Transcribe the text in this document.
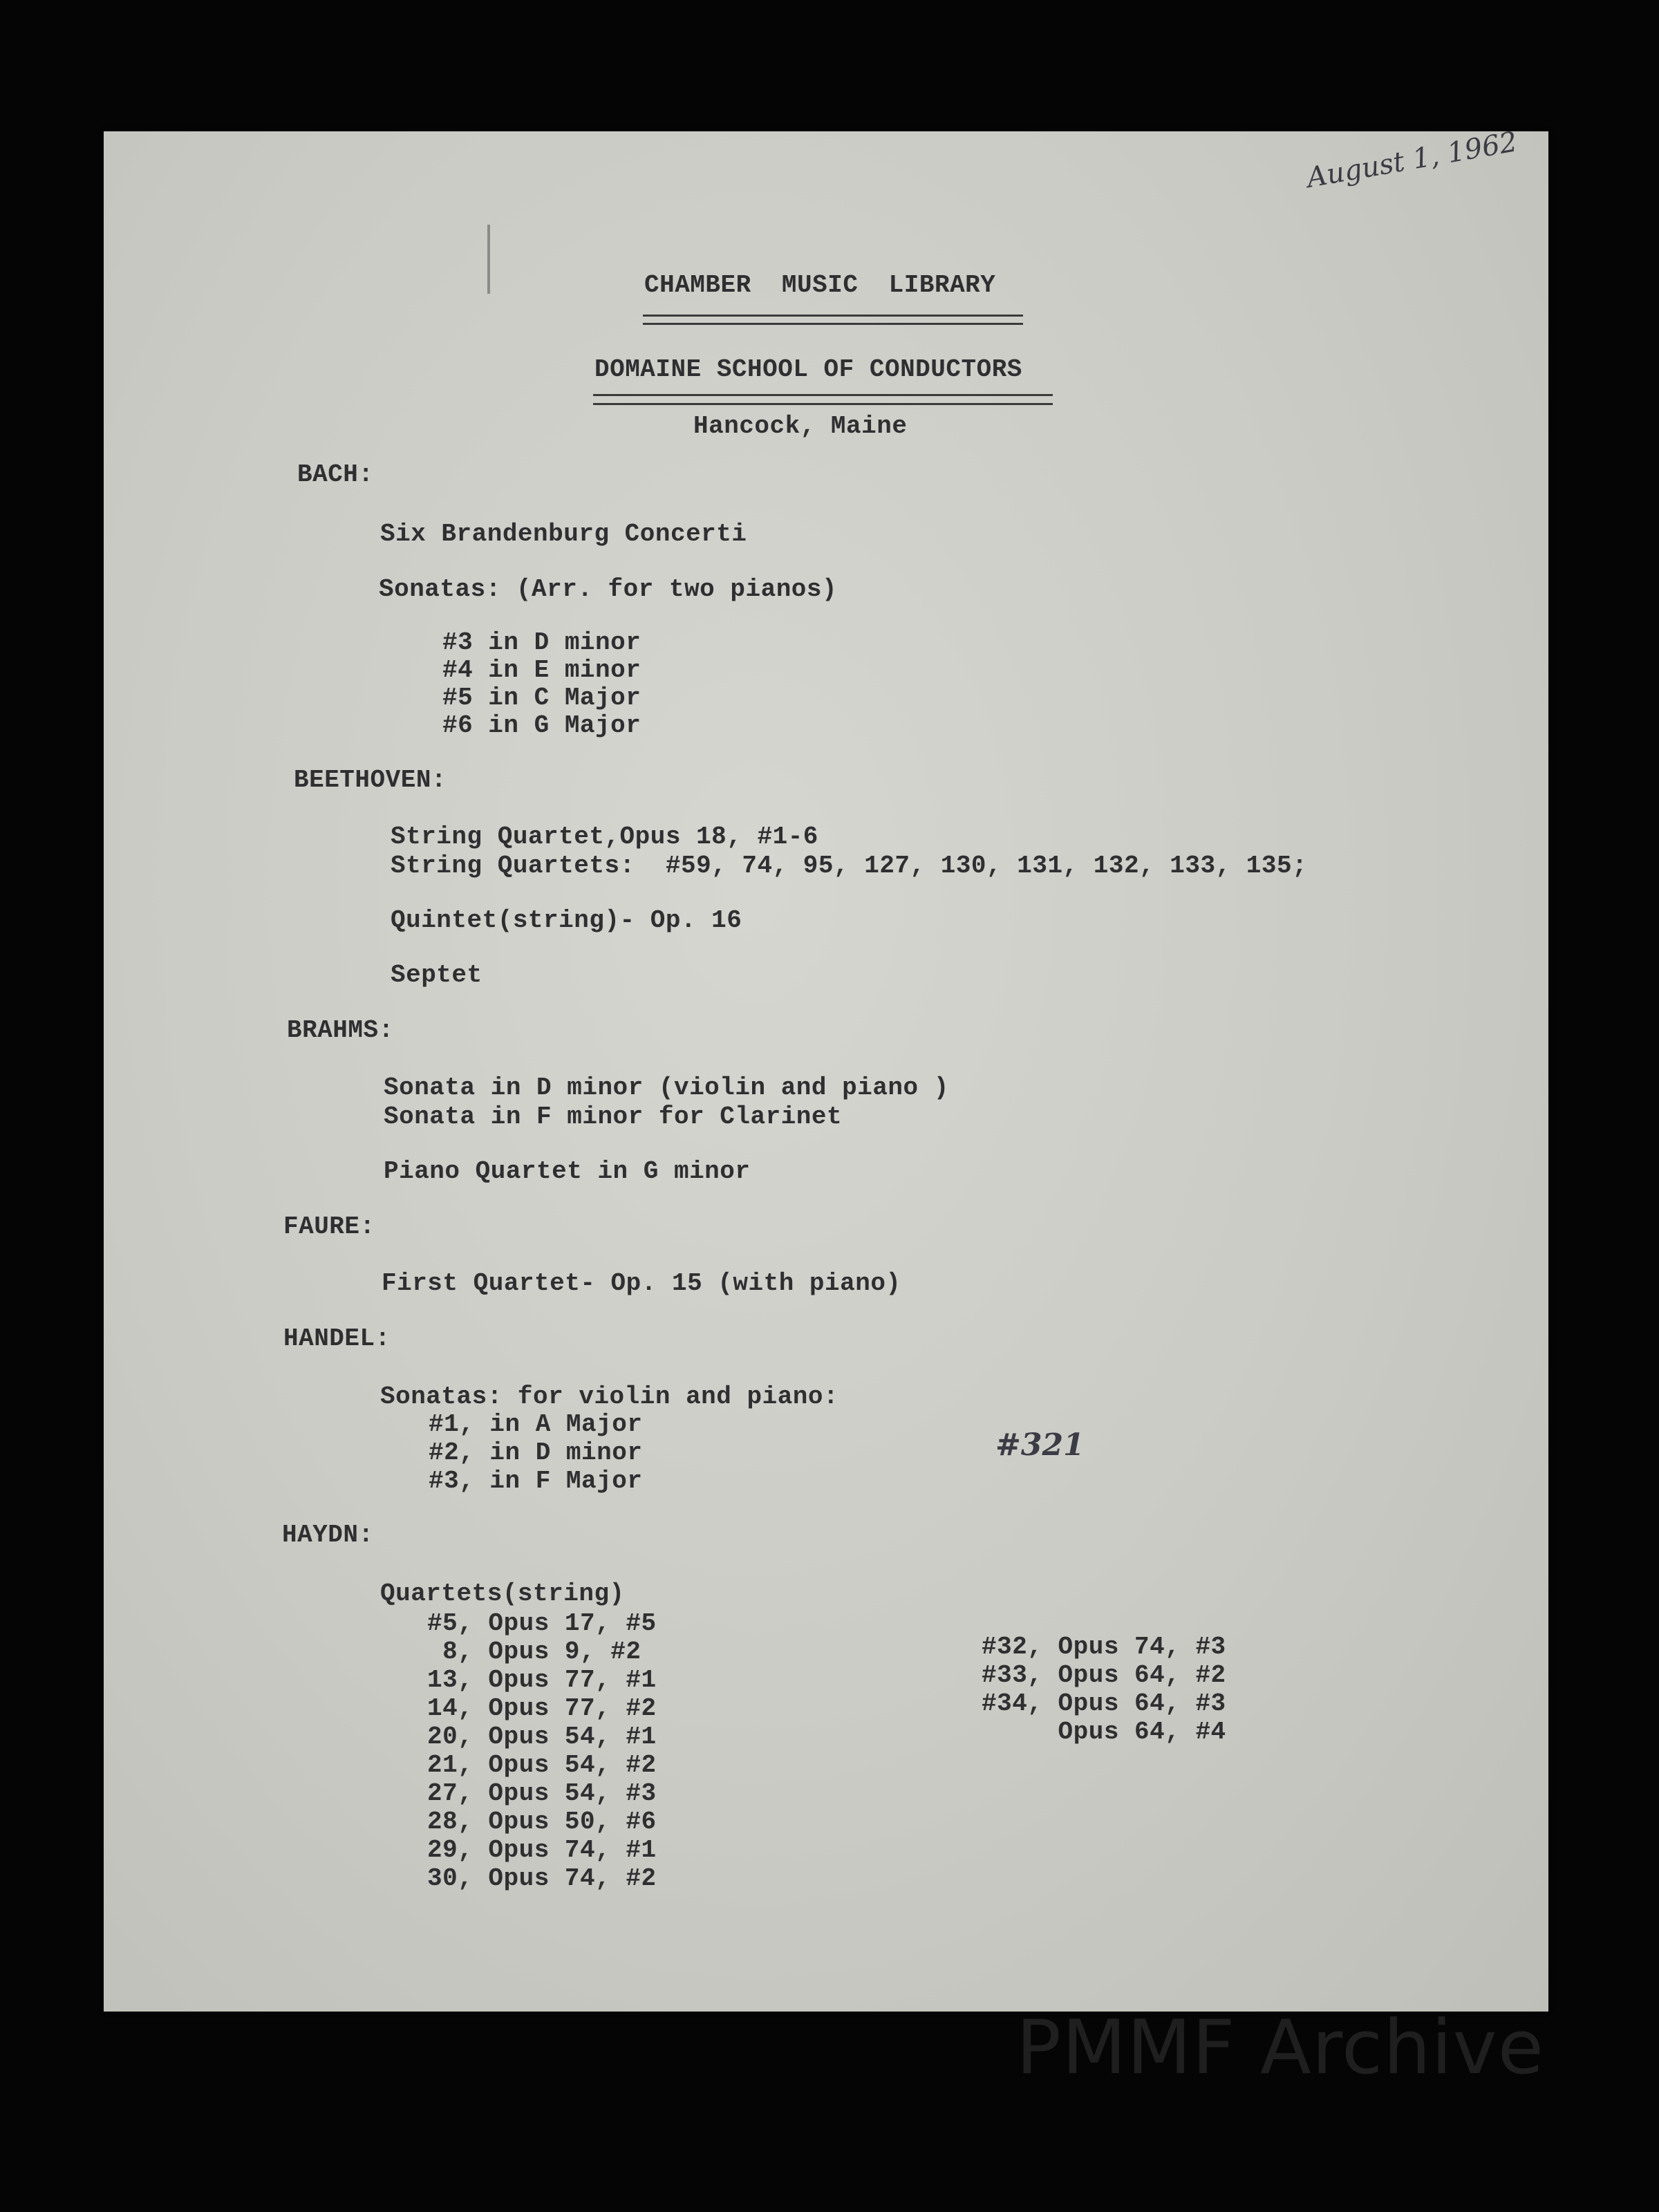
August 1, 1962
CHAMBER  MUSIC  LIBRARY
DOMAINE SCHOOL OF CONDUCTORS
Hancock, Maine
BACH:
Six Brandenburg Concerti
Sonatas: (Arr. for two pianos)

#3 in D minor

#4 in E minor

#5 in C Major

#6 in G Major

BEETHOVEN:
String Quartet,Opus 18, #1-6
String Quartets:  #59, 74, 95, 127, 130, 131, 132, 133, 135;
Quintet(string)- Op. 16
Septet
BRAHMS:
Sonata in D minor (violin and piano )
Sonata in F minor for Clarinet
Piano Quartet in G minor
FAURE:
First Quartet- Op. 15 (with piano)
HANDEL:
Sonatas: for violin and piano:

#1, in A Major

#2, in D minor

#3, in F Major

#321
HAYDN:
Quartets(string)

#5, Opus 17, #5

8, Opus 9, #2

13, Opus 77, #1

14, Opus 77, #2

20, Opus 54, #1

21, Opus 54, #2

27, Opus 54, #3

28, Opus 50, #6

29, Opus 74, #1

30, Opus 74, #2

#32, Opus 74, #3

#33, Opus 64, #2

#34, Opus 64, #3

Opus 64, #4

PMMF Archive
